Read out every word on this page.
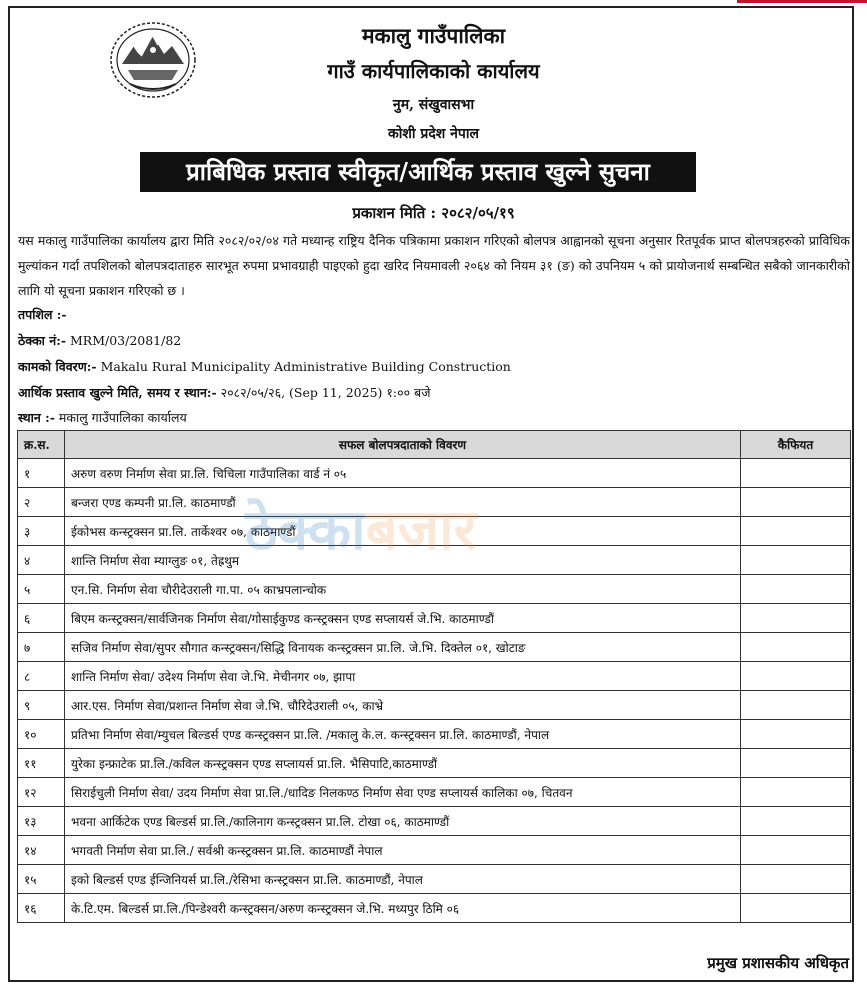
मकालु गाउँपालिका
गाउँ कार्यपालिकाको कार्यालय
नुम, संखुवासभा
कोशी प्रदेश नेपाल
प्राबिधिक प्रस्ताव स्वीकृत/आर्थिक प्रस्ताव खुल्ने सुचना
प्रकाशन मिति : २०८२/०५/१९

यस मकालु गाउँपालिका कार्यालय द्वारा मिति २०८२/०२/०४ गते मध्यान्ह राष्ट्रिय दैनिक पत्रिकामा प्रकाशन गरिएको बोलपत्र आह्वानको सूचना अनुसार रितपूर्वक प्राप्त बोलपत्रहरुको प्राविधिक मुल्यांकन गर्दा तपशिलको बोलपत्रदाताहरु सारभूत रुपमा प्रभावग्राही पाइएको हुदा खरिद नियमावली २०६४ को नियम ३१ (ङ) को उपनियम ५ को प्रायोजनार्थ सम्बन्धित सबैको जानकारीको लागि यो सूचना प्रकाशन गरिएको छ ।

तपशिल :-
ठेक्का नं:- MRM/03/2081/82
कामको विवरण:- Makalu Rural Municipality Administrative Building Construction
आर्थिक प्रस्ताव खुल्ने मिति, समय र स्थान:- २०८२/०५/२६, (Sep 11, 2025) १:०० बजे
स्थान :- मकालु गाउँपालिका कार्यालय
क्र.स.	सफल बोलपत्रदाताको विवरण	कैफियत
१	अरुण वरुण निर्माण सेवा प्रा.लि. चिचिला गाउँपालिका वार्ड नं ०५	
२	बन्जरा एण्ड कम्पनी प्रा.लि. काठमाण्डौं	
३	ईकोभस कन्स्ट्रक्सन प्रा.लि. तार्केश्वर ०७, काठमाण्डौं	
४	शान्ति निर्माण सेवा म्याग्लुङ ०१, तेह्रथुम	
५	एन.सि. निर्माण सेवा चौरीदेउराली गा.पा. ०५ काभ्रपलान्चोक	
६	बिएम कन्स्ट्रक्सन/सार्वजिनक निर्माण सेवा/गोसाईकुण्ड कन्स्ट्रक्सन एण्ड सप्लायर्स जे.भि. काठमाण्डौं	
७	सजिव निर्माण सेवा/सुपर सौगात कन्स्ट्रक्सन/सिद्धि विनायक कन्स्ट्रक्सन प्रा.लि. जे.भि. दिक्तेल ०१, खोटाङ	
८	शान्ति निर्माण सेवा/ उदेश्य निर्माण सेवा जे.भि. मेचीनगर ०७, झापा	
९	आर.एस. निर्माण सेवा/प्रशान्त निर्माण सेवा जे.भि. चौरिदेउराली ०५, काभ्रे	
१०	प्रतिभा निर्माण सेवा/म्युचल बिल्डर्स एण्ड कन्स्ट्रक्सन प्रा.लि. /मकालु के.ल. कन्स्ट्रक्सन प्रा.लि. काठमाण्डौं, नेपाल	
११	युरेका इन्फ्राटेक प्रा.लि./कविल कन्स्ट्रक्सन एण्ड सप्लायर्स प्रा.लि. भैसिपाटि,काठमाण्डौं	
१२	सिराईचुली निर्माण सेवा/ उदय निर्माण सेवा प्रा.लि./धादिङ निलकण्ठ निर्माण सेवा एण्ड सप्लायर्स कालिका ०७, चितवन	
१३	भवना आर्किटेक एण्ड बिल्डर्स प्रा.लि./कालिनाग कन्स्ट्रक्सन प्रा.लि. टोखा ०६, काठमाण्डौं	
१४	भगवती निर्माण सेवा प्रा.लि./ सर्वश्री कन्स्ट्रक्सन प्रा.लि. काठमाण्डौं नेपाल	
१५	इको बिल्डर्स एण्ड ईन्जिनियर्स प्रा.लि./रेसिभा कन्स्ट्रक्सन प्रा.लि. काठमाण्डौं, नेपाल	
१६	के.टि.एम. बिल्डर्स प्रा.लि./पिन्डेश्वरी कन्स्ट्रक्सन/अरुण कन्स्ट्रक्सन जे.भि. मध्यपुर ठिमि ०६	
प्रमुख प्रशासकीय अधिकृत
ठेक्काबजार
